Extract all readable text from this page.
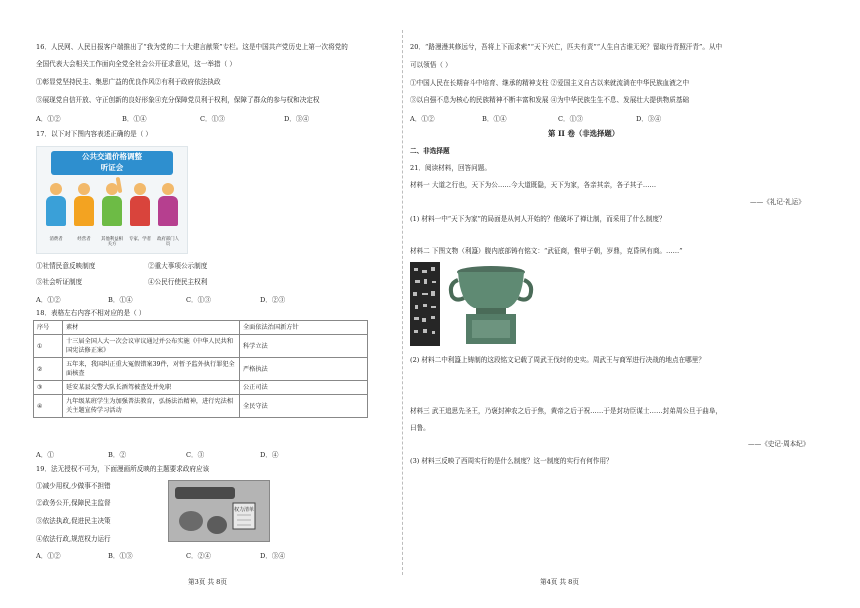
16．人民网、人民日报客户端推出了“我为党的二十大建言献策”专栏。这是中国共产党历史上第一次将党的
全国代表大会相关工作面向全党全社会公开征求意见，这一举措（ ）
①彰显党坚持民主、集思广益的优良作风②有利于政府依法执政
③展现党自信开放、守正创新的良好形象④充分保障党员利于权利，保障了群众的参与权和决定权
A．①②	B．①④	C．①③	D．③④
17．以下对下图内容表述正确的是（ ）
公共交通价格调整
听证会
消费者	经营者	其他利益相关方
专家、学者	政府部门人员
①社情民意反映制度	②重大事项公示制度
③社会听证制度	④公民行使民主权利
A．①②	B．①④	C．①③	D．②③
18．表格左右内容不相对应的是（ ）
序号	素材	全面依法治国新方针
①	十三届全国人大一次会议审议通过并公布实施《中华人民共和国宪法修正案》	科学立法
②	五年来，我国纠正重大冤假错案39件，对暂予监外执行罪犯全面核查	严格执法
③	延安某县交警大队长酒驾被查处并免职	公正司法
④	九年级某班学生为加强普法教育，弘扬法治精神，进行宪法相关主题宣传学习活动	全民守法
A．①	B．②	C．③	D．④
19．法无授权不可为，下面漫画所反映的主题要求政府应该
①减少用权,少做事不担错
②政务公开,保障民主监督
③依法执政,促进民主决策
④依法行政,规范权力运行
权力清单
A．①②	B．①③	C．②④	D．③④
第3页 共 8页
20．“路漫漫其修远兮，吾将上下而求索”“天下兴亡，匹夫有责”“人生自古谁无死？留取丹青照汗青”。从中
可以领悟（ ）
①中国人民在长期奋斗中培育、继承的精神支柱 ②爱国主义自古以来就流淌在中华民族血液之中
③以自强不息为核心的民族精神不断丰富和发展 ④为中华民族生生不息、发展壮大提供物质基础
A．①②	B．①④	C．①③	D．③④
第 II 卷（非选择题）
二、非选择题
21．阅读材料，回答问题。
材料一 大道之行也，天下为公……今大道既隐，天下为家，各亲其亲，各子其子……
——《礼记·礼运》
(1) 材料一中“天下为家”的局面是从何人开始的？他破坏了禅让制，而采用了什么制度？
材料二 下图文物（利簋）腹内底部铸有铭文：“武征商，惟甲子朝，岁鼎，克昏夙有商。……”
(2) 材料二中利簋上铸制的这段铭文记载了周武王伐纣的史实。周武王与商军进行决战的地点在哪里？
材料三 武王追思先圣王，乃褒封神农之后于焦，黄帝之后于祝……于是封功臣谋士……封弟周公旦于曲阜，
曰鲁。
——《史记·周本纪》
(3) 材料三反映了西周实行的是什么制度？这一制度的实行有何作用？
第4页 共 8页
